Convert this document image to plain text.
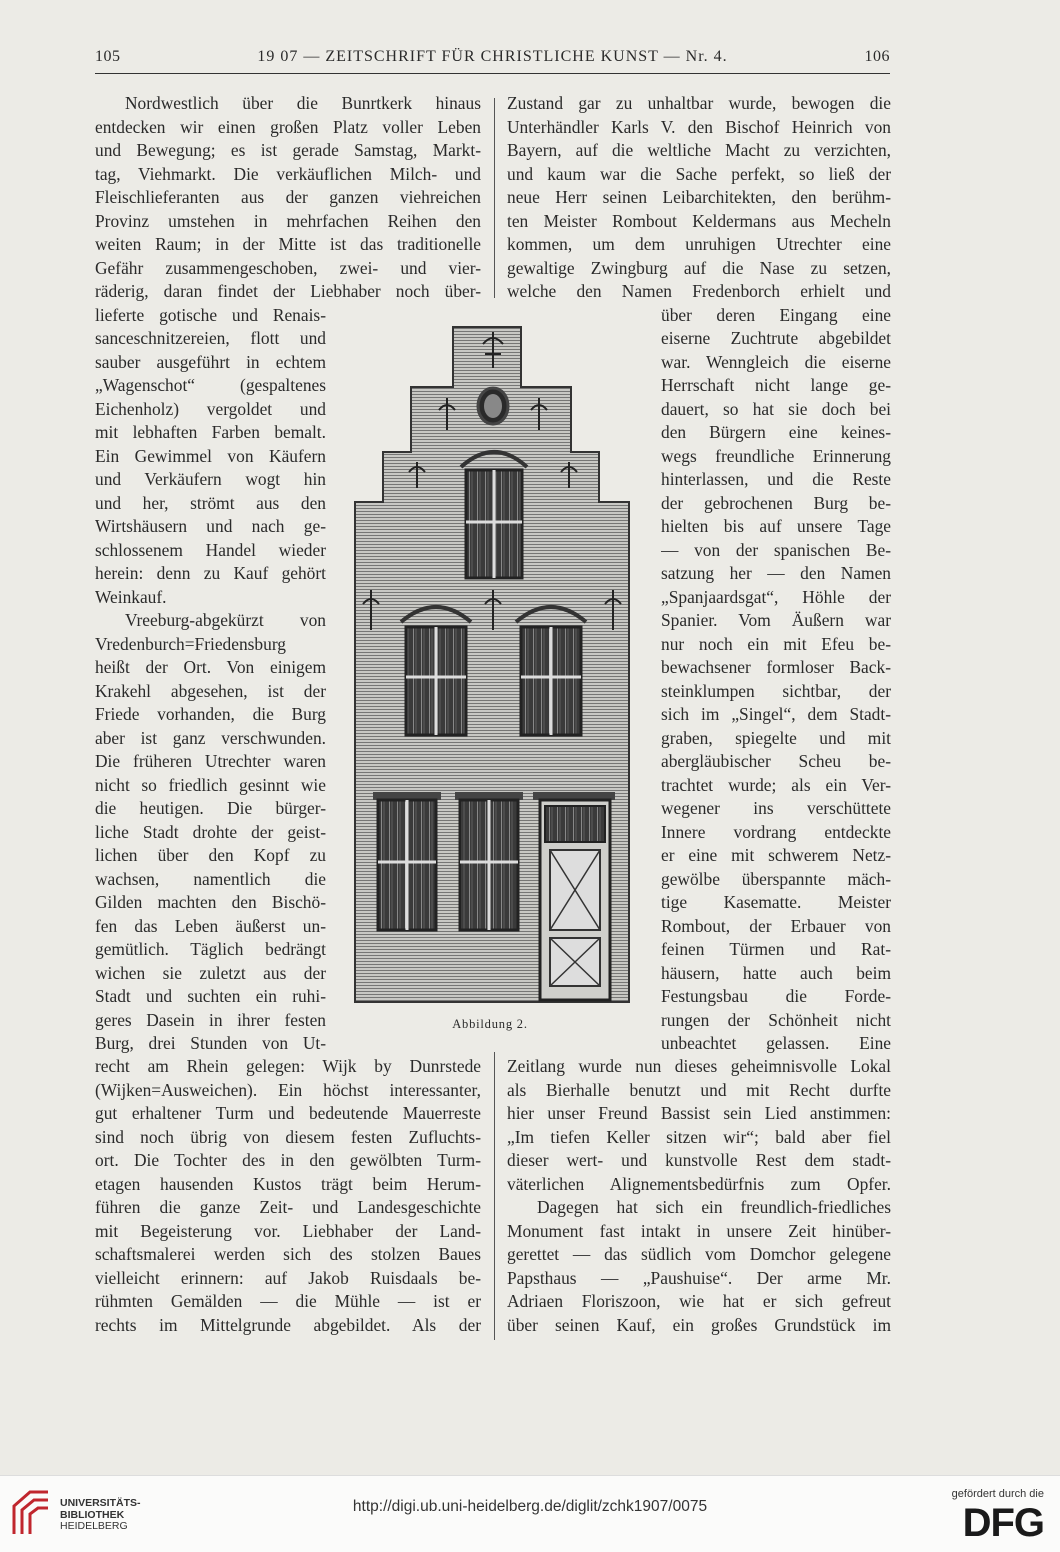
105	19 07 — ZEITSCHRIFT FÜR CHRISTLICHE KUNST — Nr. 4.	106
Nordwestlich über die Bunrtkerk hinaus
entdecken wir einen großen Platz voller Leben
und Bewegung; es ist gerade Samstag, Markt-
tag, Viehmarkt. Die verkäuflichen Milch- und
Fleischlieferanten aus der ganzen viehreichen
Provinz umstehen in mehrfachen Reihen den
weiten Raum; in der Mitte ist das traditionelle
Gefähr zusammengeschoben, zwei- und vier-
räderig, daran findet der Liebhaber noch über-
lieferte gotische und Renais-
sanceschnitzereien, flott und
sauber ausgeführt in echtem
„Wagenschot“ (gespaltenes
Eichenholz) vergoldet und
mit lebhaften Farben bemalt.
Ein Gewimmel von Käufern
und Verkäufern wogt hin
und her, strömt aus den
Wirtshäusern und nach ge-
schlossenem Handel wieder
herein: denn zu Kauf gehört
Weinkauf.
Vreeburg-abgekürzt von
Vredenburch=Friedensburg
heißt der Ort. Von einigem
Krakehl abgesehen, ist der
Friede vorhanden, die Burg
aber ist ganz verschwunden.
Die früheren Utrechter waren
nicht so friedlich gesinnt wie
die heutigen. Die bürger-
liche Stadt drohte der geist-
lichen über den Kopf zu
wachsen, namentlich die
Gilden machten den Bischö-
fen das Leben äußerst un-
gemütlich. Täglich bedrängt
wichen sie zuletzt aus der
Stadt und suchten ein ruhi-
geres Dasein in ihrer festen
Burg, drei Stunden von Ut-
recht am Rhein gelegen: Wijk by Dunrstede
(Wijken=Ausweichen). Ein höchst interessanter,
gut erhaltener Turm und bedeutende Mauerreste
sind noch übrig von diesem festen Zufluchts-
ort. Die Tochter des in den gewölbten Turm-
etagen hausenden Kustos trägt beim Herum-
führen die ganze Zeit- und Landesgeschichte
mit Begeisterung vor. Liebhaber der Land-
schaftsmalerei werden sich des stolzen Baues
vielleicht erinnern: auf Jakob Ruisdaals be-
rühmten Gemälden — die Mühle — ist er
rechts im Mittelgrunde abgebildet. Als der
Zustand gar zu unhaltbar wurde, bewogen die
Unterhändler Karls V. den Bischof Heinrich von
Bayern, auf die weltliche Macht zu verzichten,
und kaum war die Sache perfekt, so ließ der
neue Herr seinen Leibarchitekten, den berühm-
ten Meister Rombout Keldermans aus Mecheln
kommen, um dem unruhigen Utrechter eine
gewaltige Zwingburg auf die Nase zu setzen,
welche den Namen Fredenborch erhielt und
über deren Eingang eine
eiserne Zuchtrute abgebildet
war. Wenngleich die eiserne
Herrschaft nicht lange ge-
dauert, so hat sie doch bei
den Bürgern eine keines-
wegs freundliche Erinnerung
hinterlassen, und die Reste
der gebrochenen Burg be-
hielten bis auf unsere Tage
— von der spanischen Be-
satzung her — den Namen
„Spanjaardsgat“, Höhle der
Spanier. Vom Äußern war
nur noch ein mit Efeu be-
bewachsener formloser Back-
steinklumpen sichtbar, der
sich im „Singel“, dem Stadt-
graben, spiegelte und mit
abergläubischer Scheu be-
trachtet wurde; als ein Ver-
wegener ins verschüttete
Innere vordrang entdeckte
er eine mit schwerem Netz-
gewölbe überspannte mäch-
tige Kasematte. Meister
Rombout, der Erbauer von
feinen Türmen und Rat-
häusern, hatte auch beim
Festungsbau die Forde-
rungen der Schönheit nicht
unbeachtet gelassen. Eine
Zeitlang wurde nun dieses geheimnisvolle Lokal
als Bierhalle benutzt und mit Recht durfte
hier unser Freund Bassist sein Lied anstimmen:
„Im tiefen Keller sitzen wir“; bald aber fiel
dieser wert- und kunstvolle Rest dem stadt-
väterlichen Alignementsbedürfnis zum Opfer.
Dagegen hat sich ein freundlich-friedliches
Monument fast intakt in unsere Zeit hinüber-
gerettet — das südlich vom Domchor gelegene
Papsthaus — „Paushuise“. Der arme Mr.
Adriaen Floriszoon, wie hat er sich gefreut
über seinen Kauf, ein großes Grundstück im
Abbildung 2.
UNIVERSITÄTS-
BIBLIOTHEK
HEIDELBERG
http://digi.ub.uni-heidelberg.de/diglit/zchk1907/0075
gefördert durch die
DFG
